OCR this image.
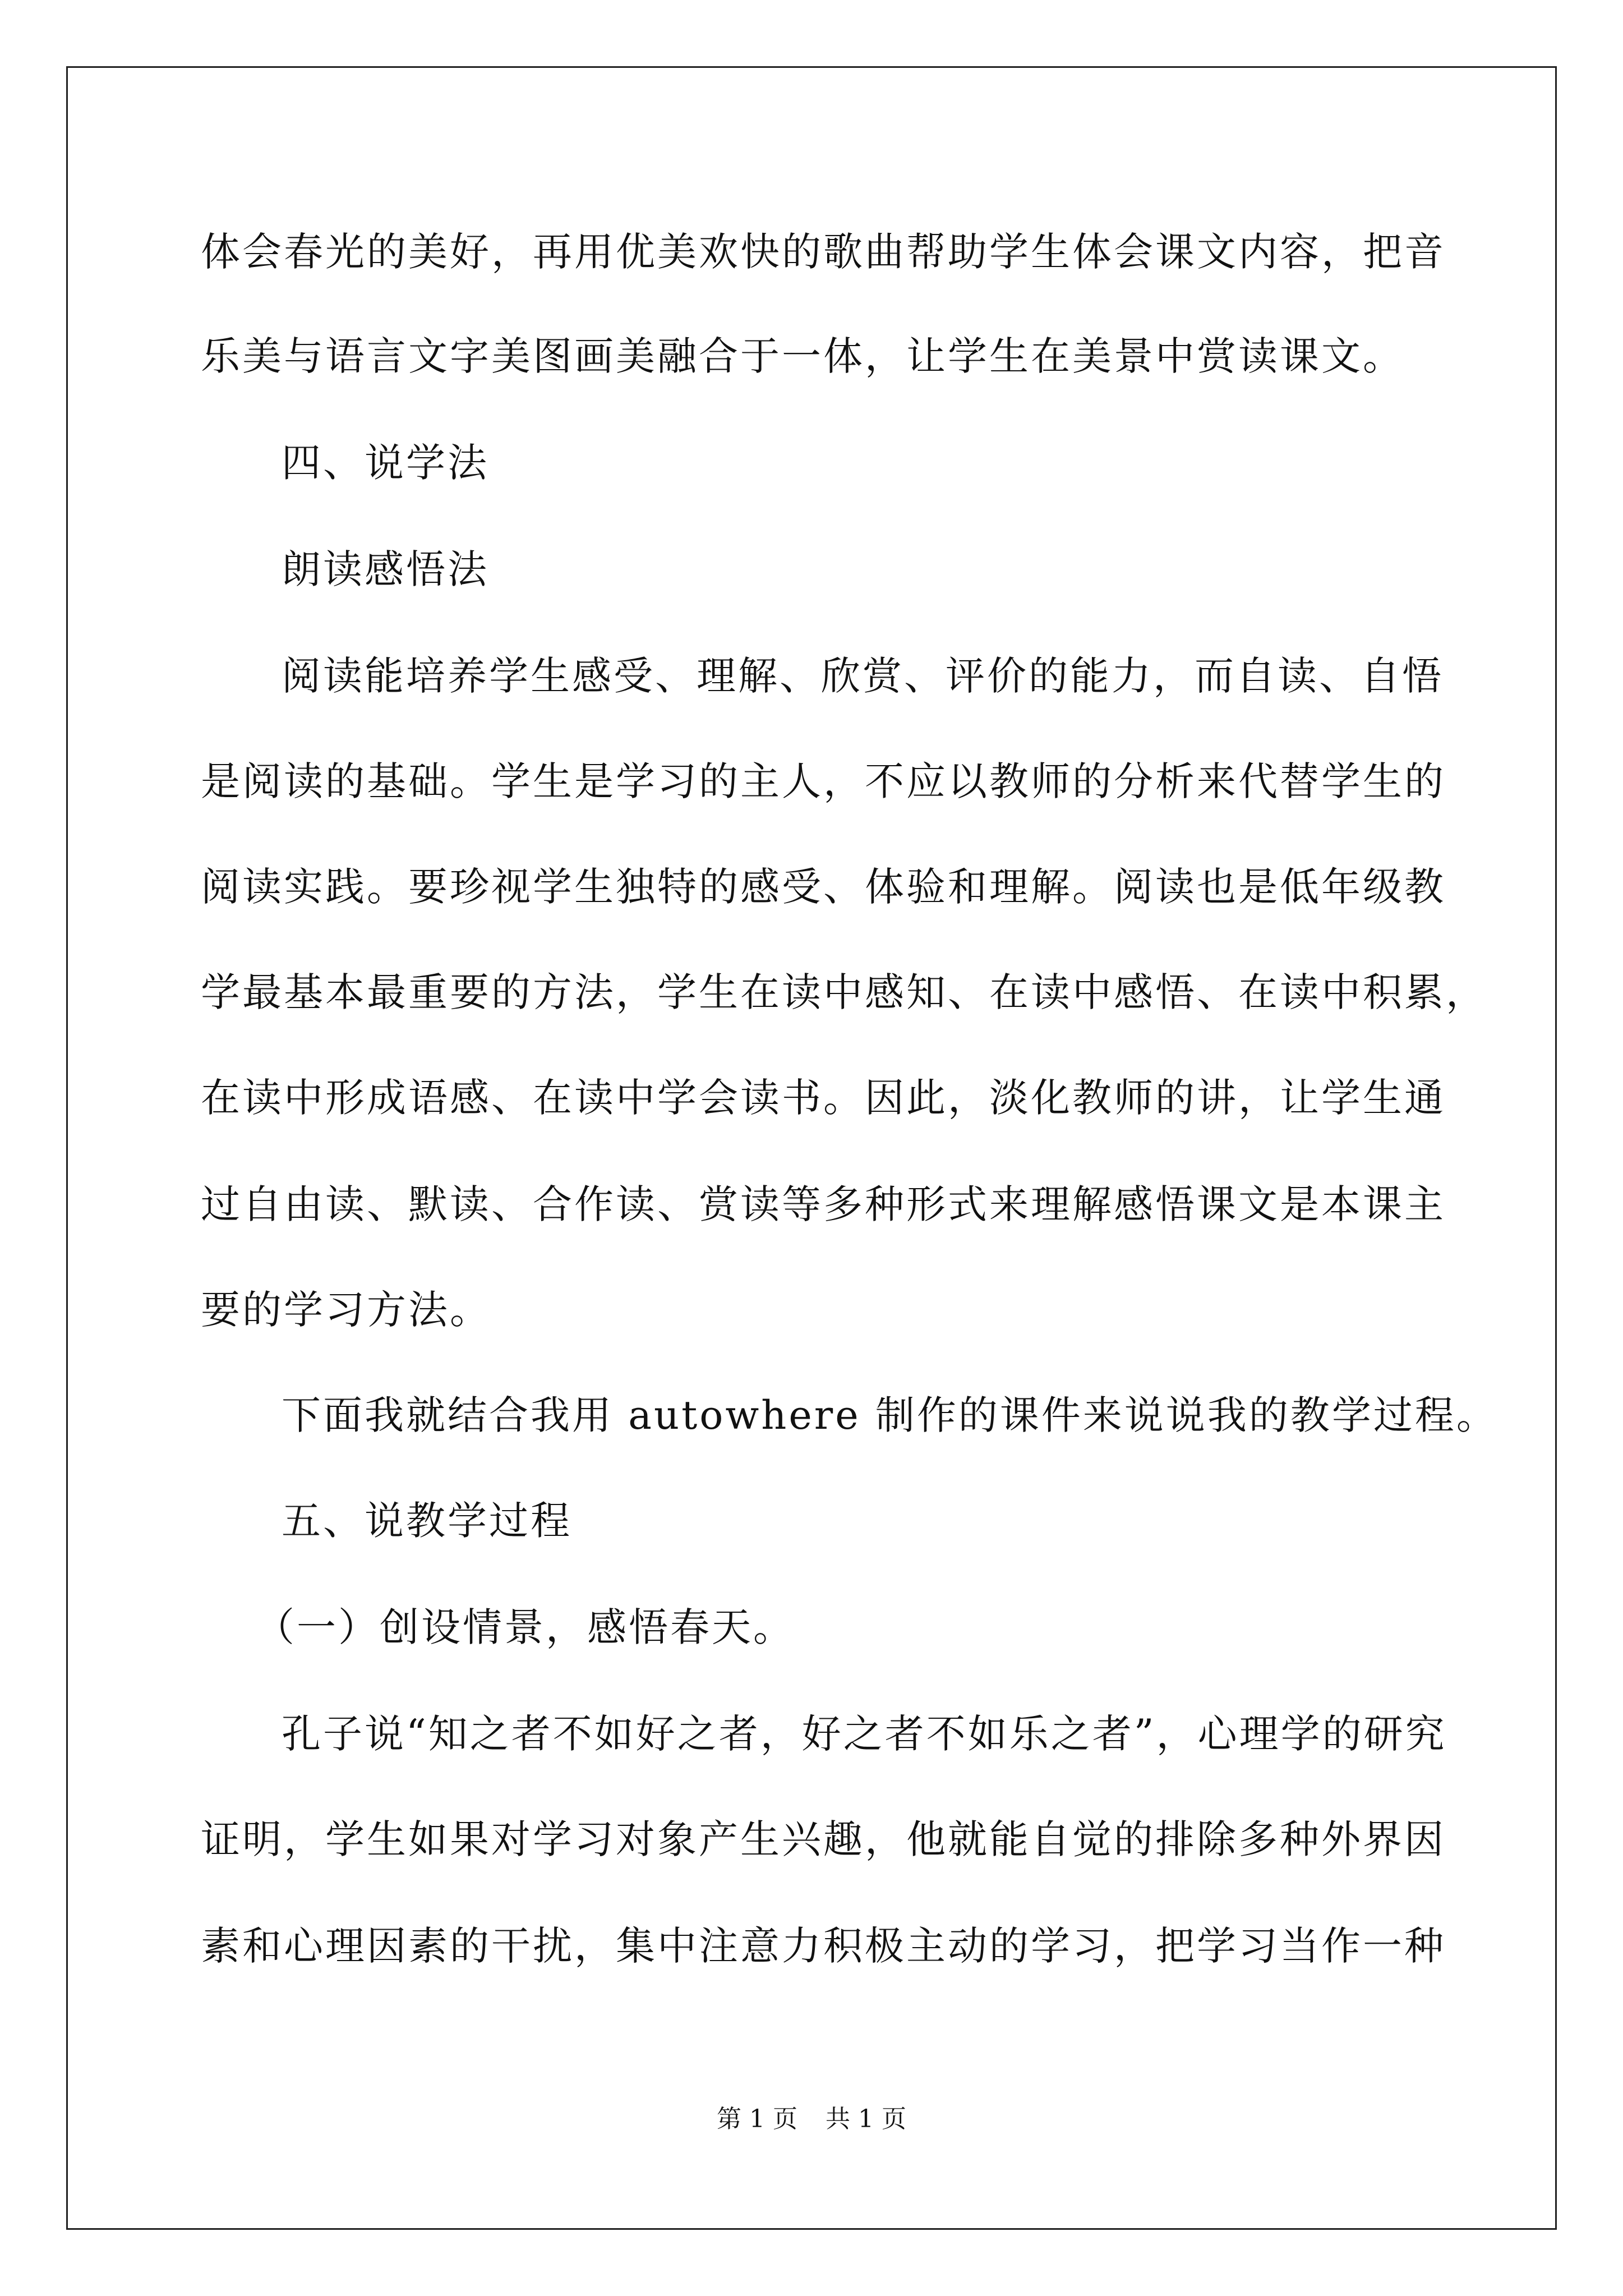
体会春光的美好，再用优美欢快的歌曲帮助学生体会课文内容，把音
乐美与语言文字美图画美融合于一体，让学生在美景中赏读课文。
四、说学法
朗读感悟法
阅读能培养学生感受、理解、欣赏、评价的能力，而自读、自悟
是阅读的基础。学生是学习的主人，不应以教师的分析来代替学生的
阅读实践。要珍视学生独特的感受、体验和理解。阅读也是低年级教
学最基本最重要的方法，学生在读中感知、在读中感悟、在读中积累，
在读中形成语感、在读中学会读书。因此，淡化教师的讲，让学生通
过自由读、默读、合作读、赏读等多种形式来理解感悟课文是本课主
要的学习方法。
下面我就结合我用 autowhere 制作的课件来说说我的教学过程。
五、说教学过程
（一）创设情景，感悟春天。
孔子说“知之者不如好之者，好之者不如乐之者”，心理学的研究
证明，学生如果对学习对象产生兴趣，他就能自觉的排除多种外界因
素和心理因素的干扰，集中注意力积极主动的学习，把学习当作一种
第 1 页 共 1 页
